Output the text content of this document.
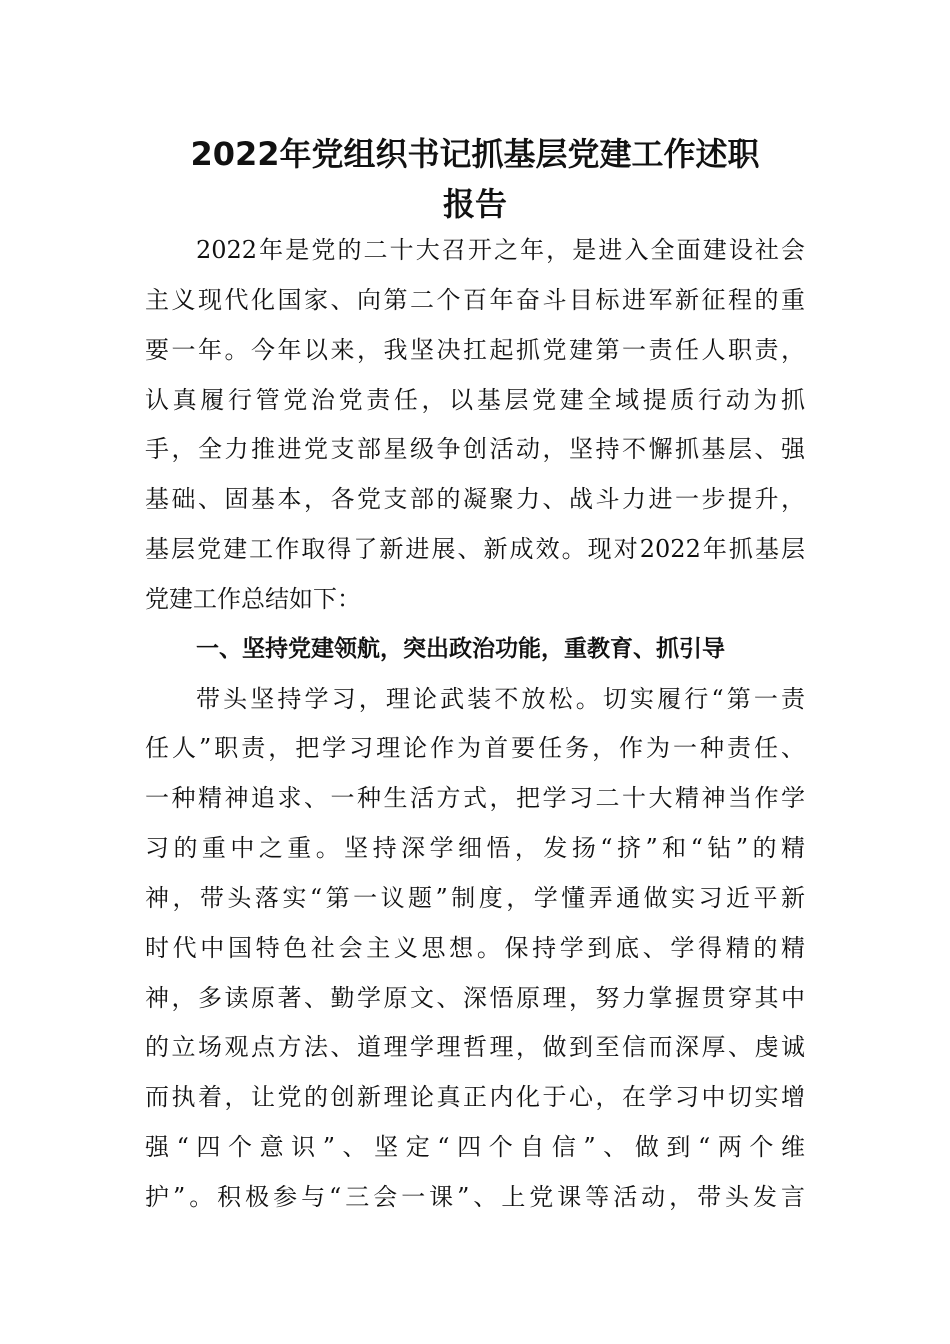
2022年党组织书记抓基层党建工作述职
报告
2022年是党的二十大召开之年，是进入全面建设社会
主义现代化国家、向第二个百年奋斗目标进军新征程的重
要一年。今年以来，我坚决扛起抓党建第一责任人职责，
认真履行管党治党责任，以基层党建全域提质行动为抓
手，全力推进党支部星级争创活动，坚持不懈抓基层、强
基础、固基本，各党支部的凝聚力、战斗力进一步提升，
基层党建工作取得了新进展、新成效。现对2022年抓基层
党建工作总结如下：
一、坚持党建领航，突出政治功能，重教育、抓引导
带头坚持学习，理论武装不放松。切实履行“第一责
任人”职责，把学习理论作为首要任务，作为一种责任、
一种精神追求、一种生活方式，把学习二十大精神当作学
习的重中之重。坚持深学细悟，发扬“挤”和“钻”的精
神，带头落实“第一议题”制度，学懂弄通做实习近平新
时代中国特色社会主义思想。保持学到底、学得精的精
神，多读原著、勤学原文、深悟原理，努力掌握贯穿其中
的立场观点方法、道理学理哲理，做到至信而深厚、虔诚
而执着，让党的创新理论真正内化于心，在学习中切实增
强“四个意识”、坚定“四个自信”、做到“两个维
护”。积极参与“三会一课”、上党课等活动，带头发言
